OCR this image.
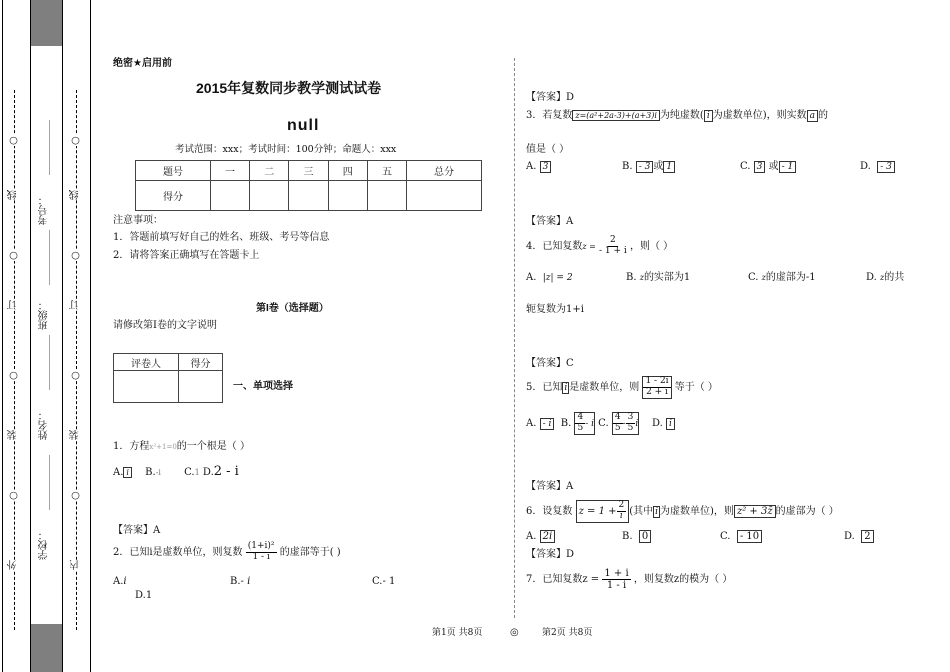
外
装
订
线
○
○
○
○
学校：
___________
姓名：
___________
班级：
___________
考号：
___________
内
装
订
线
○
○
○
○
绝密★启用前
2015年复数同步教学测试试卷
null
考试范围：xxx；考试时间：100分钟；命题人：xxx
题号	一	二	三	四	五	总分
得分						
注意事项：
1．答题前填写好自己的姓名、班级、考号等信息
2．请将答案正确填写在答题卡上
第I卷（选择题）
请修改第I卷的文字说明
评卷人	得分

一、单项选择
1．方程x²+1=0的一个根是（ ）
A. i B.-i C.1 D.2 - i
【答案】A
2．已知i是虚数单位，则复数 $\frac{\text{(1+i)²}}{1 - i}$ 的虚部等于( )
A.i	B.- i	C.- 1
D.1
【答案】D
3．若复数 z=(a²+2a-3)+(a+3)i 为纯虚数( i 为虚数单位)，则实数 a 的
值是（ ）
A. 3	B. - 3 或 1	C. 3 或 - 1	D. - 3
【答案】A
4．已知复数$z = \frac{2}{- 1 + i}$ ，则（ ）
A. |z| = 2	B. z的实部为1	C. z的虚部为-1	D. z的共
轭复数为1+i
【答案】C
5．已知 i 是虚数单位，则 $\frac{1 - 2i}{2 + i}$ 等于（ ）
A. - i B. $\frac{4}{5}$ - i C. $\frac{4}{5} - \frac{3}{5}$ i D. i
【答案】A
6．设复数 $z = 1 + \frac{2}{i}$ (其中 i 为虚数单位)，则 z² + 3z̄ 的虚部为（ ）
A. 2i	B. 0	C. - 10	D. 2
【答案】D
7．已知复数$z = \frac{1 + i}{1 - i}$ ，则复数z的模为（ ）
第1页 共8页	◎	第2页 共8页
